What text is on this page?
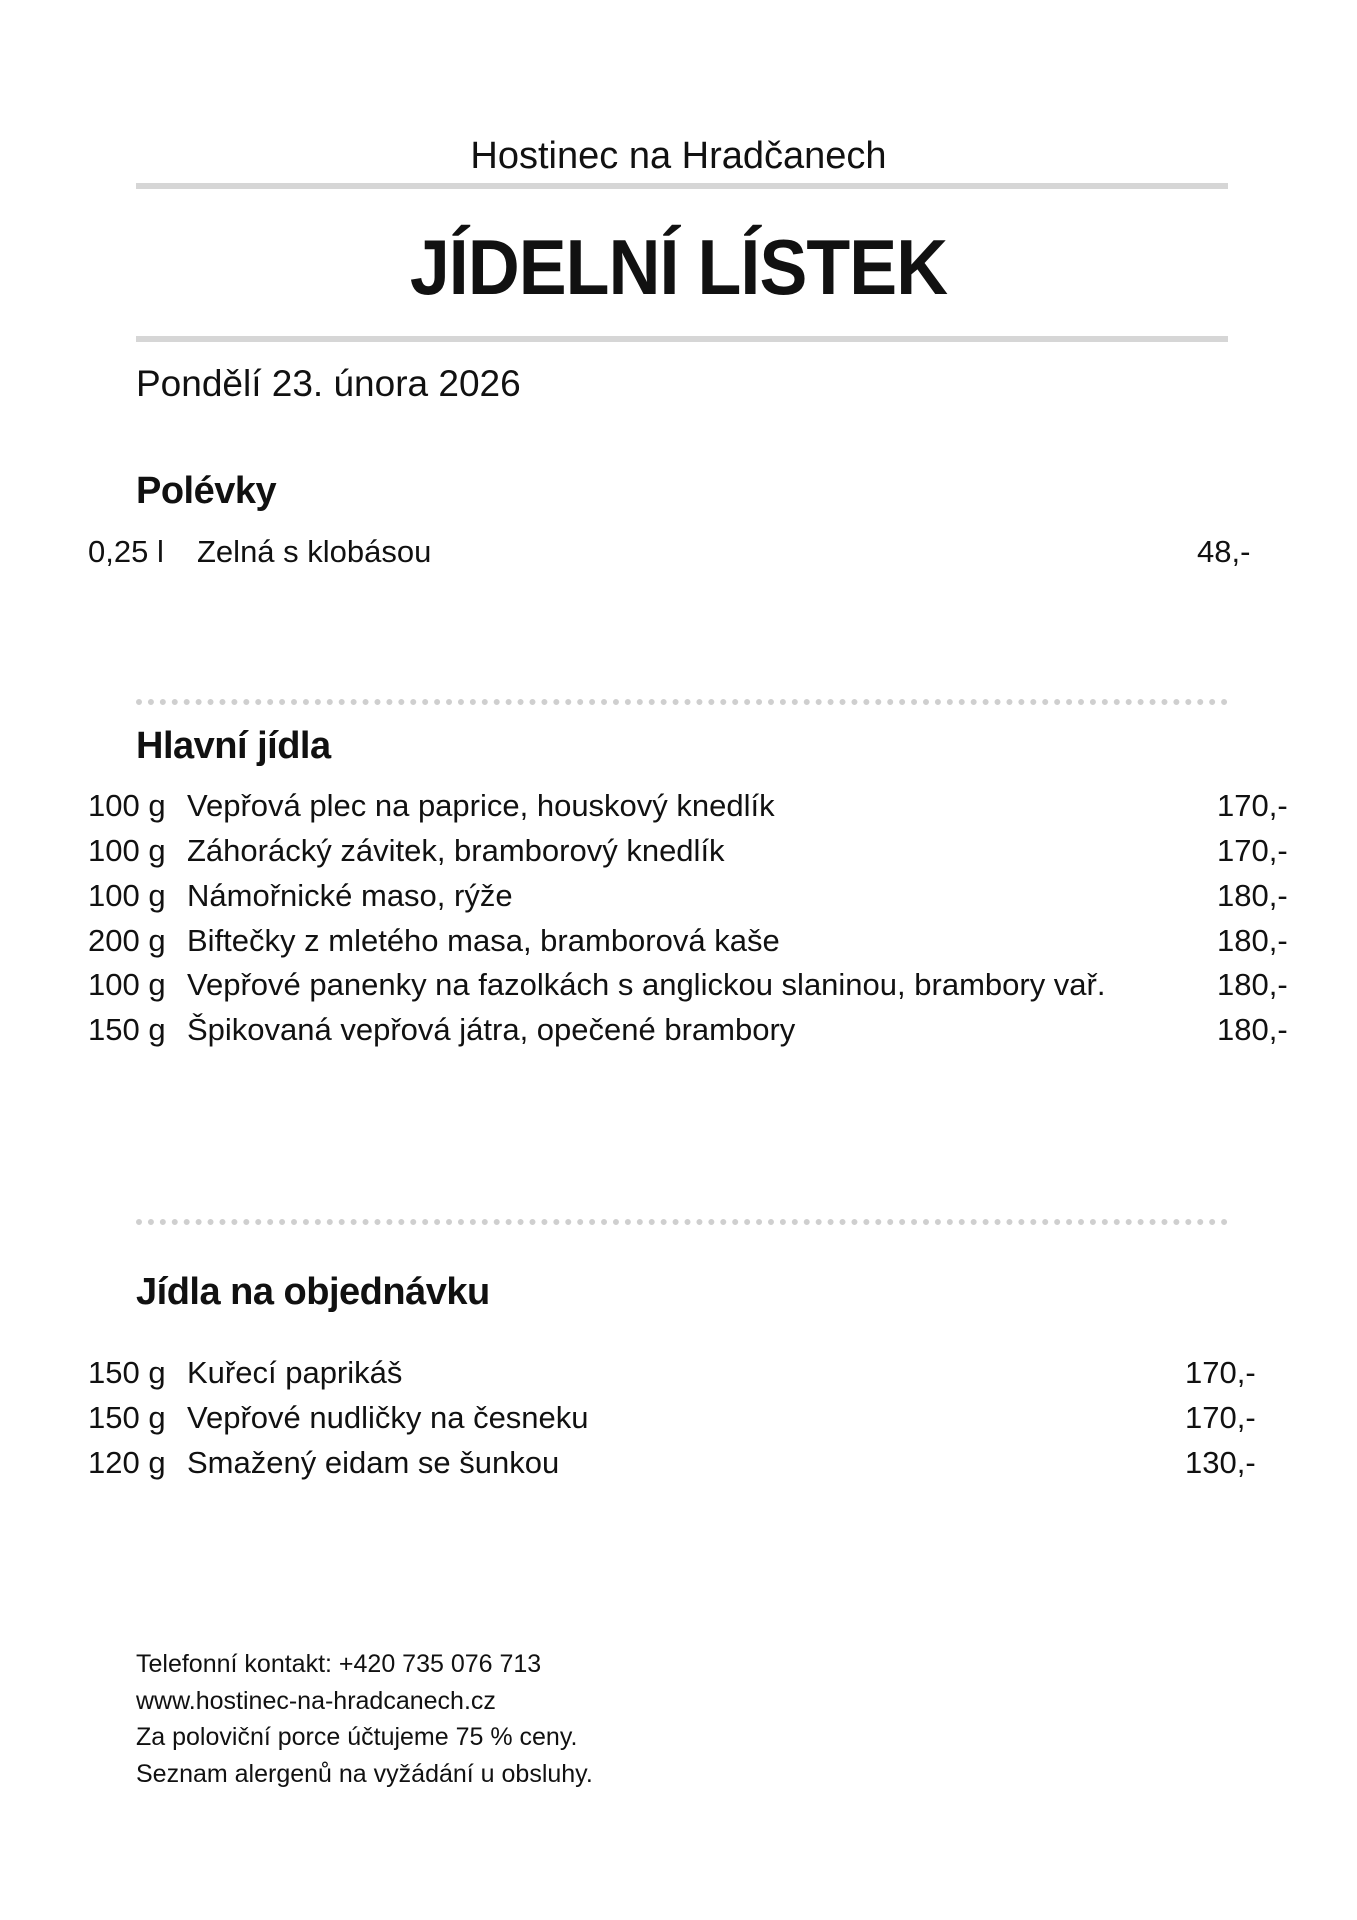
Hostinec na Hradčanech
JÍDELNÍ LÍSTEK
Pondělí 23. února 2026
Polévky
0,25 l Zelná s klobásou	48,-
Hlavní jídla
100 g Vepřová plec na paprice, houskový knedlík	170,-
100 g Záhorácký závitek, bramborový knedlík	170,-
100 g Námořnické maso, rýže	180,-
200 g Biftečky z mletého masa, bramborová kaše	180,-
100 g Vepřové panenky na fazolkách s anglickou slaninou, brambory vař.	180,-
150 g Špikovaná vepřová játra, opečené brambory	180,-
Jídla na objednávku
150 g Kuřecí paprikáš	170,-
150 g Vepřové nudličky na česneku	170,-
120 g Smažený eidam se šunkou	130,-
Telefonní kontakt: +420 735 076 713
www.hostinec-na-hradcanech.cz
Za poloviční porce účtujeme 75 % ceny.
Seznam alergenů na vyžádání u obsluhy.
